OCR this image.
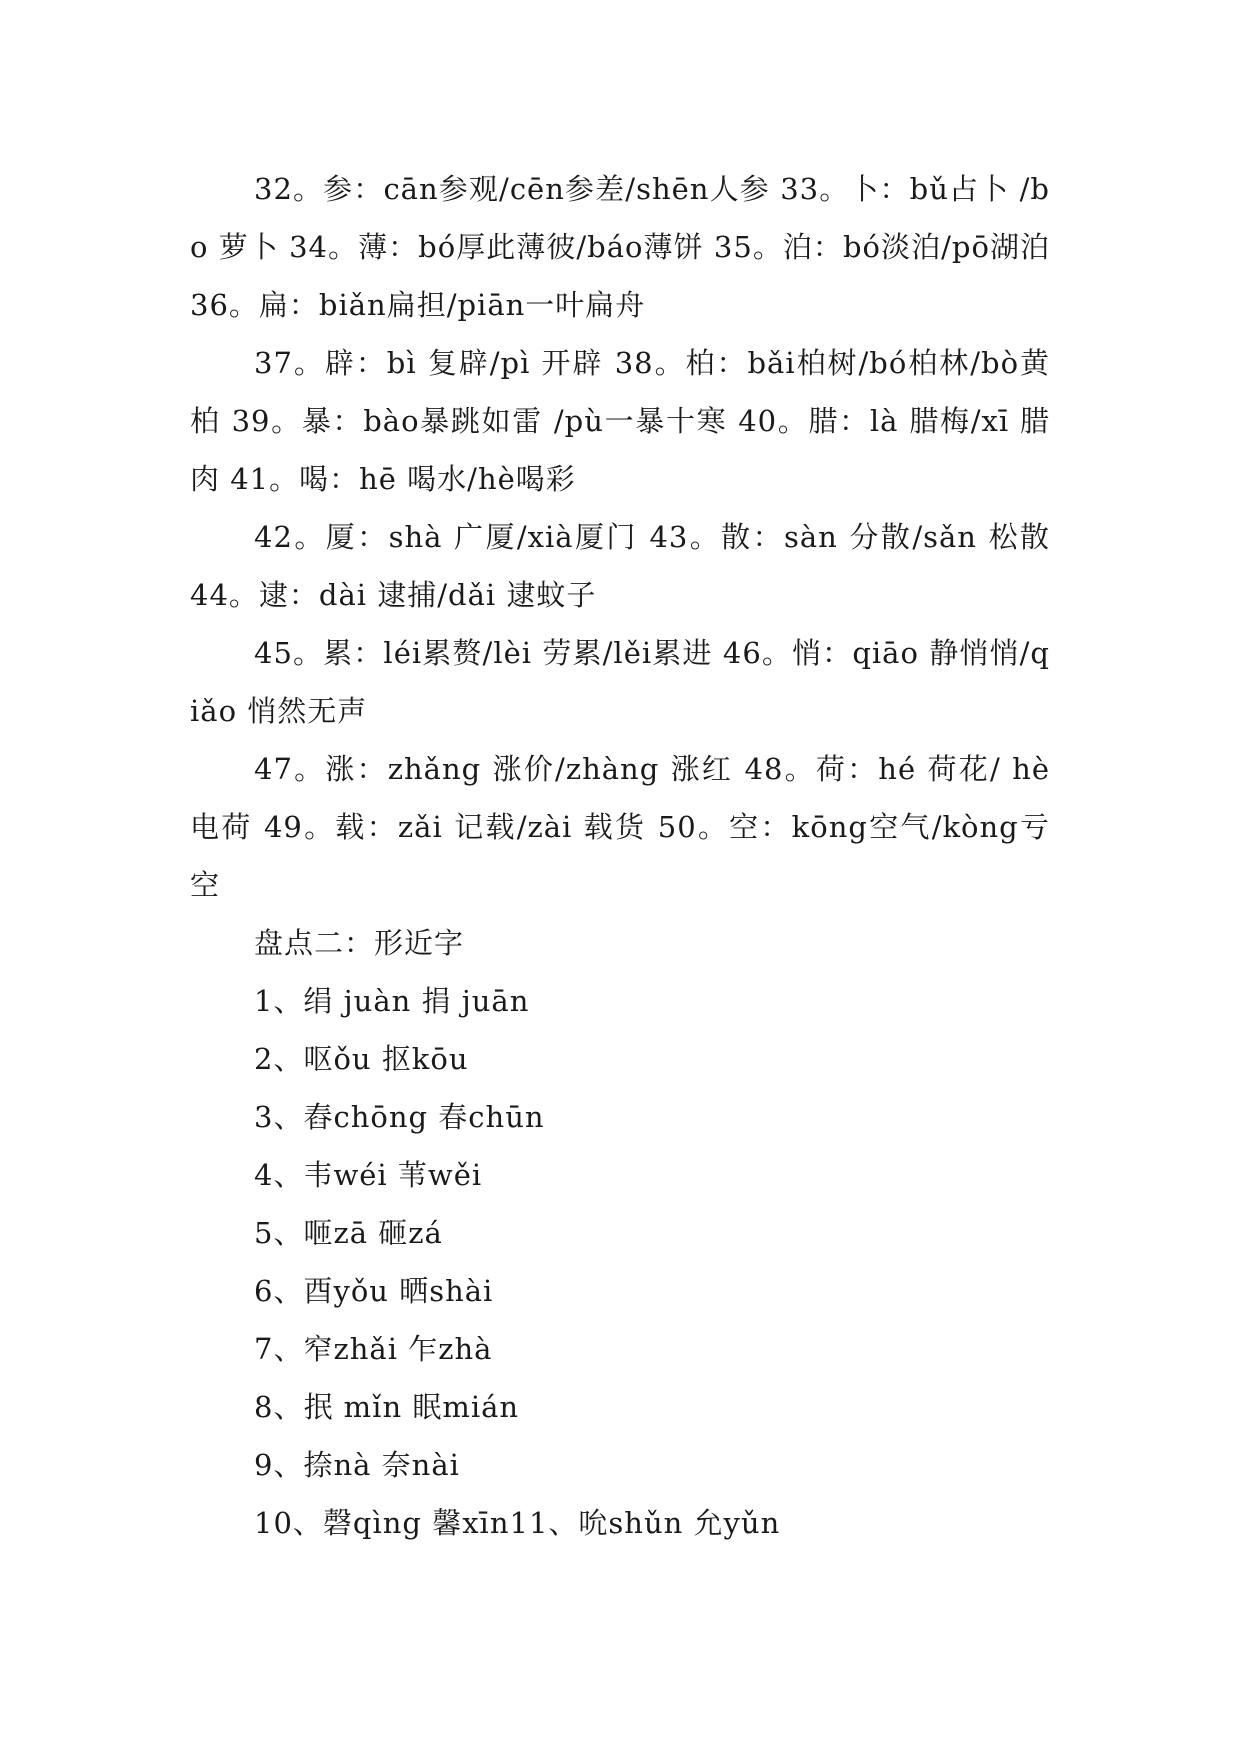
32。参：cān参观/cēn参差/shēn人参 33。卜：bǔ占卜 /bo 萝卜 34。薄：bó厚此薄彼/báo薄饼 35。泊：bó淡泊/pō湖泊 36。扁：biǎn扁担/piān一叶扁舟

37。辟：bì 复辟/pì 开辟 38。柏：bǎi柏树/bó柏林/bò黄柏 39。暴：bào暴跳如雷 /pù一暴十寒 40。腊：là 腊梅/xī 腊肉 41。喝：hē 喝水/hè喝彩

42。厦：shà 广厦/xià厦门 43。散：sàn 分散/sǎn 松散 44。逮：dài 逮捕/dǎi 逮蚊子

45。累：léi累赘/lèi 劳累/lěi累进 46。悄：qiāo 静悄悄/qiǎo 悄然无声

47。涨：zhǎng 涨价/zhàng 涨红 48。荷：hé 荷花/ hè 电荷 49。载：zǎi 记载/zài 载货 50。空：kōng空气/kòng亏空

盘点二：形近字

1、绢 juàn 捐 juān

2、呕ǒu 抠kōu

3、舂chōng 春chūn

4、韦wéi 苇wěi

5、咂zā 砸zá

6、酉yǒu 晒shài

7、窄zhǎi 乍zhà

8、抿 mǐn 眠mián

9、捺nà 奈nài

10、磬qìng 馨xīn11、吮shǔn 允yǔn
